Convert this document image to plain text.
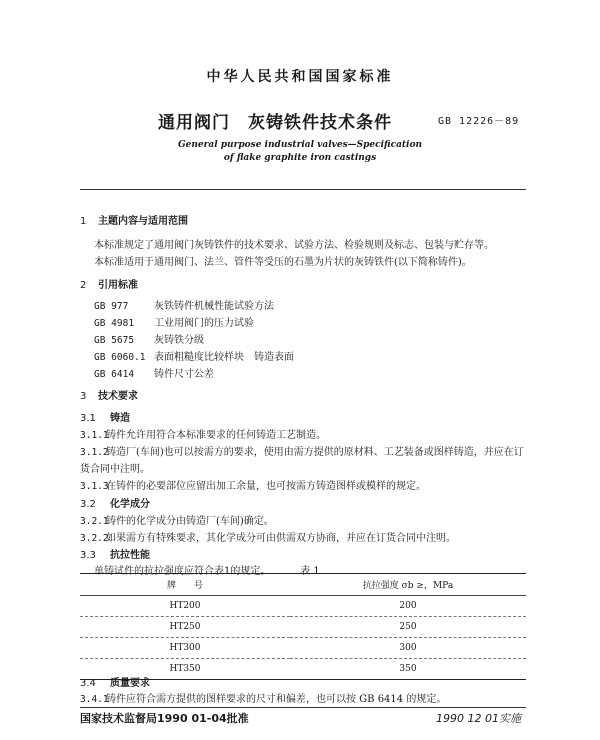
中华人民共和国国家标准
通用阀门　灰铸铁件技术条件	GB 12226－89
General purpose industrial valves—Specification
of flake graphite iron castings
1 主题内容与适用范围
本标准规定了通用阀门灰铸铁件的技术要求、试验方法、检验规则及标志、包装与贮存等。
本标准适用于通用阀门、法兰、管件等受压的石墨为片状的灰铸铁件(以下简称铸件)。
2 引用标准
GB 977	灰铁铸件机械性能试验方法
GB 4981 工业用阀门的压力试验
GB 5675 灰铸铁分级
GB 6060.1 表面粗糙度比较样块　铸造表面
GB 6414 铸件尺寸公差
3 技术要求
3.1 铸造
3.1.1铸件允许用符合本标准要求的任何铸造工艺制造。
3.1.2铸造厂(车间)也可以按需方的要求，使用由需方提供的原材料、工艺装备或图样铸造，并应在订
货合同中注明。
3.1.3在铸件的必要部位应留出加工余量，也可按需方铸造图样或模样的规定。
3.2 化学成分
3.2.1铸件的化学成分由铸造厂(车间)确定。
3.2.2如果需方有特殊要求，其化学成分可由供需双方协商，并应在订货合同中注明。
3.3 抗拉性能
单铸试件的抗拉强度应符合表1的规定。	表 1
牌　　号	抗拉强度 σb ≥，MPa
HT200	200
HT250	250
HT300	300
HT350	350
3.4 质量要求
3.4.1铸件应符合需方提供的图样要求的尺寸和偏差，也可以按 GB 6414 的规定。
国家技术监督局1990 01-04批准	1990 12 01实施
